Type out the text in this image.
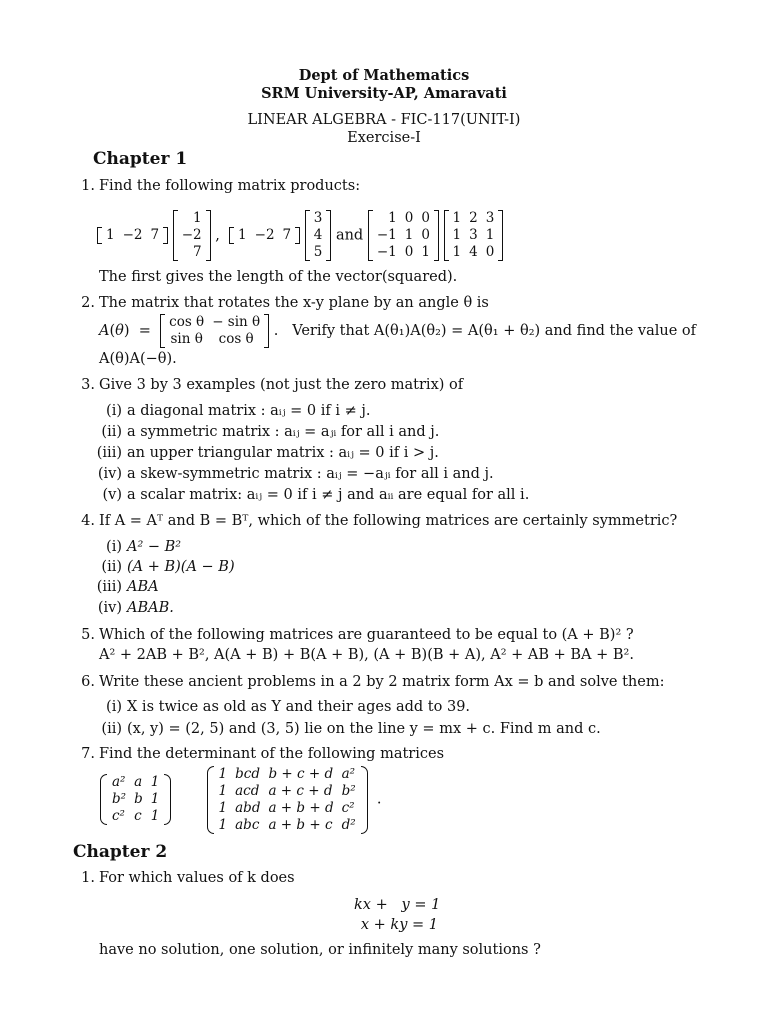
Dept of Mathematics
SRM University-AP, Amaravati
LINEAR ALGEBRA - FIC-117(UNIT-I)
Exercise-I
Chapter 1
1. Find the following matrix products:
1	−2	7

1
−2
7
, 1	−2	7

3
4
5
and
1	0	0
−1	1	0
−1	0	1

1	2	3
1	3	1
1	4	0
The first gives the length of the vector(squared).
2. The matrix that rotates the x-y plane by an angle θ is
A(θ)  =
cos θ	− sin θ
sin θ	cos θ
.   Verify that A(θ₁)A(θ₂) = A(θ₁ + θ₂) and find the value of
A(θ)A(−θ).
3. Give 3 by 3 examples (not just the zero matrix) of
(i) a diagonal matrix : aᵢⱼ = 0 if i ≠ j.
(ii) a symmetric matrix : aᵢⱼ = aⱼᵢ for all i and j.
(iii) an upper triangular matrix : aᵢⱼ = 0 if i > j.
(iv) a skew-symmetric matrix : aᵢⱼ = −aⱼᵢ for all i and j.
(v) a scalar matrix: aᵢⱼ = 0 if i ≠ j and aᵢᵢ are equal for all i.
4. If A = Aᵀ and B = Bᵀ, which of the following matrices are certainly symmetric?
(i) A² − B²
(ii) (A + B)(A − B)
(iii) ABA
(iv) ABAB.
5. Which of the following matrices are guaranteed to be equal to (A + B)² ?
A² + 2AB + B², A(A + B) + B(A + B), (A + B)(B + A), A² + AB + BA + B².
6. Write these ancient problems in a 2 by 2 matrix form Ax = b and solve them:
(i) X is twice as old as Y and their ages add to 39.
(ii) (x, y) = (2, 5) and (3, 5) lie on the line y = mx + c. Find m and c.
7. Find the determinant of the following matrices
a²	a	1
b²	b	1
c²	c	1

1	bcd	b + c + d	a²
1	acd	a + c + d	b²
1	abd	a + b + d	c²
1	abc	a + b + c	d²
.
Chapter 2
1. For which values of k does
kx +   y = 1
x + ky = 1
have no solution, one solution, or infinitely many solutions ?
